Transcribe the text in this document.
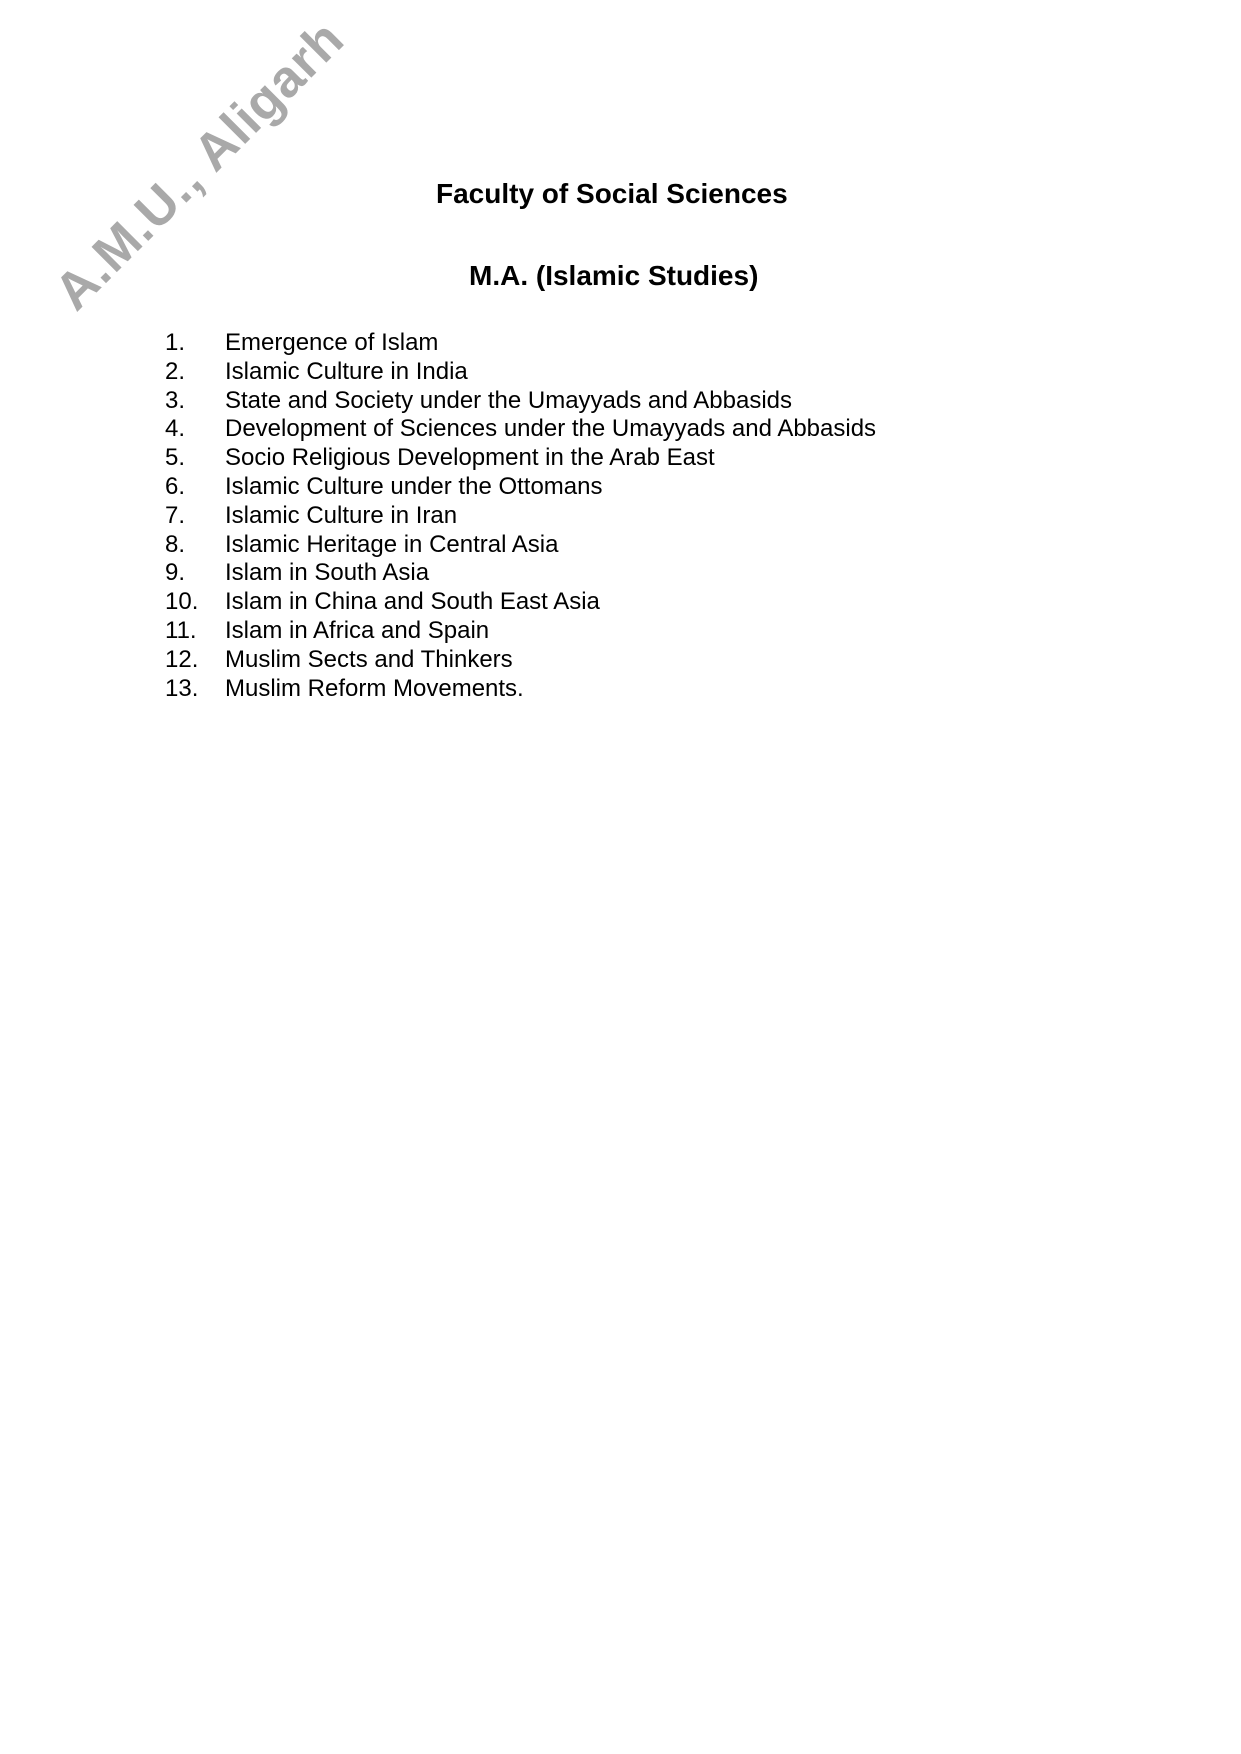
A.M.U., Aligarh	Faculty of Social Sciences
M.A. (Islamic Studies)
1.	Emergence of Islam
2.	Islamic Culture in India
3.	State and Society under the Umayyads and Abbasids
4.	Development of Sciences under the Umayyads and Abbasids
5.	Socio Religious Development in the Arab East
6.	Islamic Culture under the Ottomans
7.	Islamic Culture in Iran
8.	Islamic Heritage in Central Asia
9.	Islam in South Asia
10.	Islam in China and South East Asia
11.	Islam in Africa and Spain
12.	Muslim Sects and Thinkers
13.	Muslim Reform Movements.
